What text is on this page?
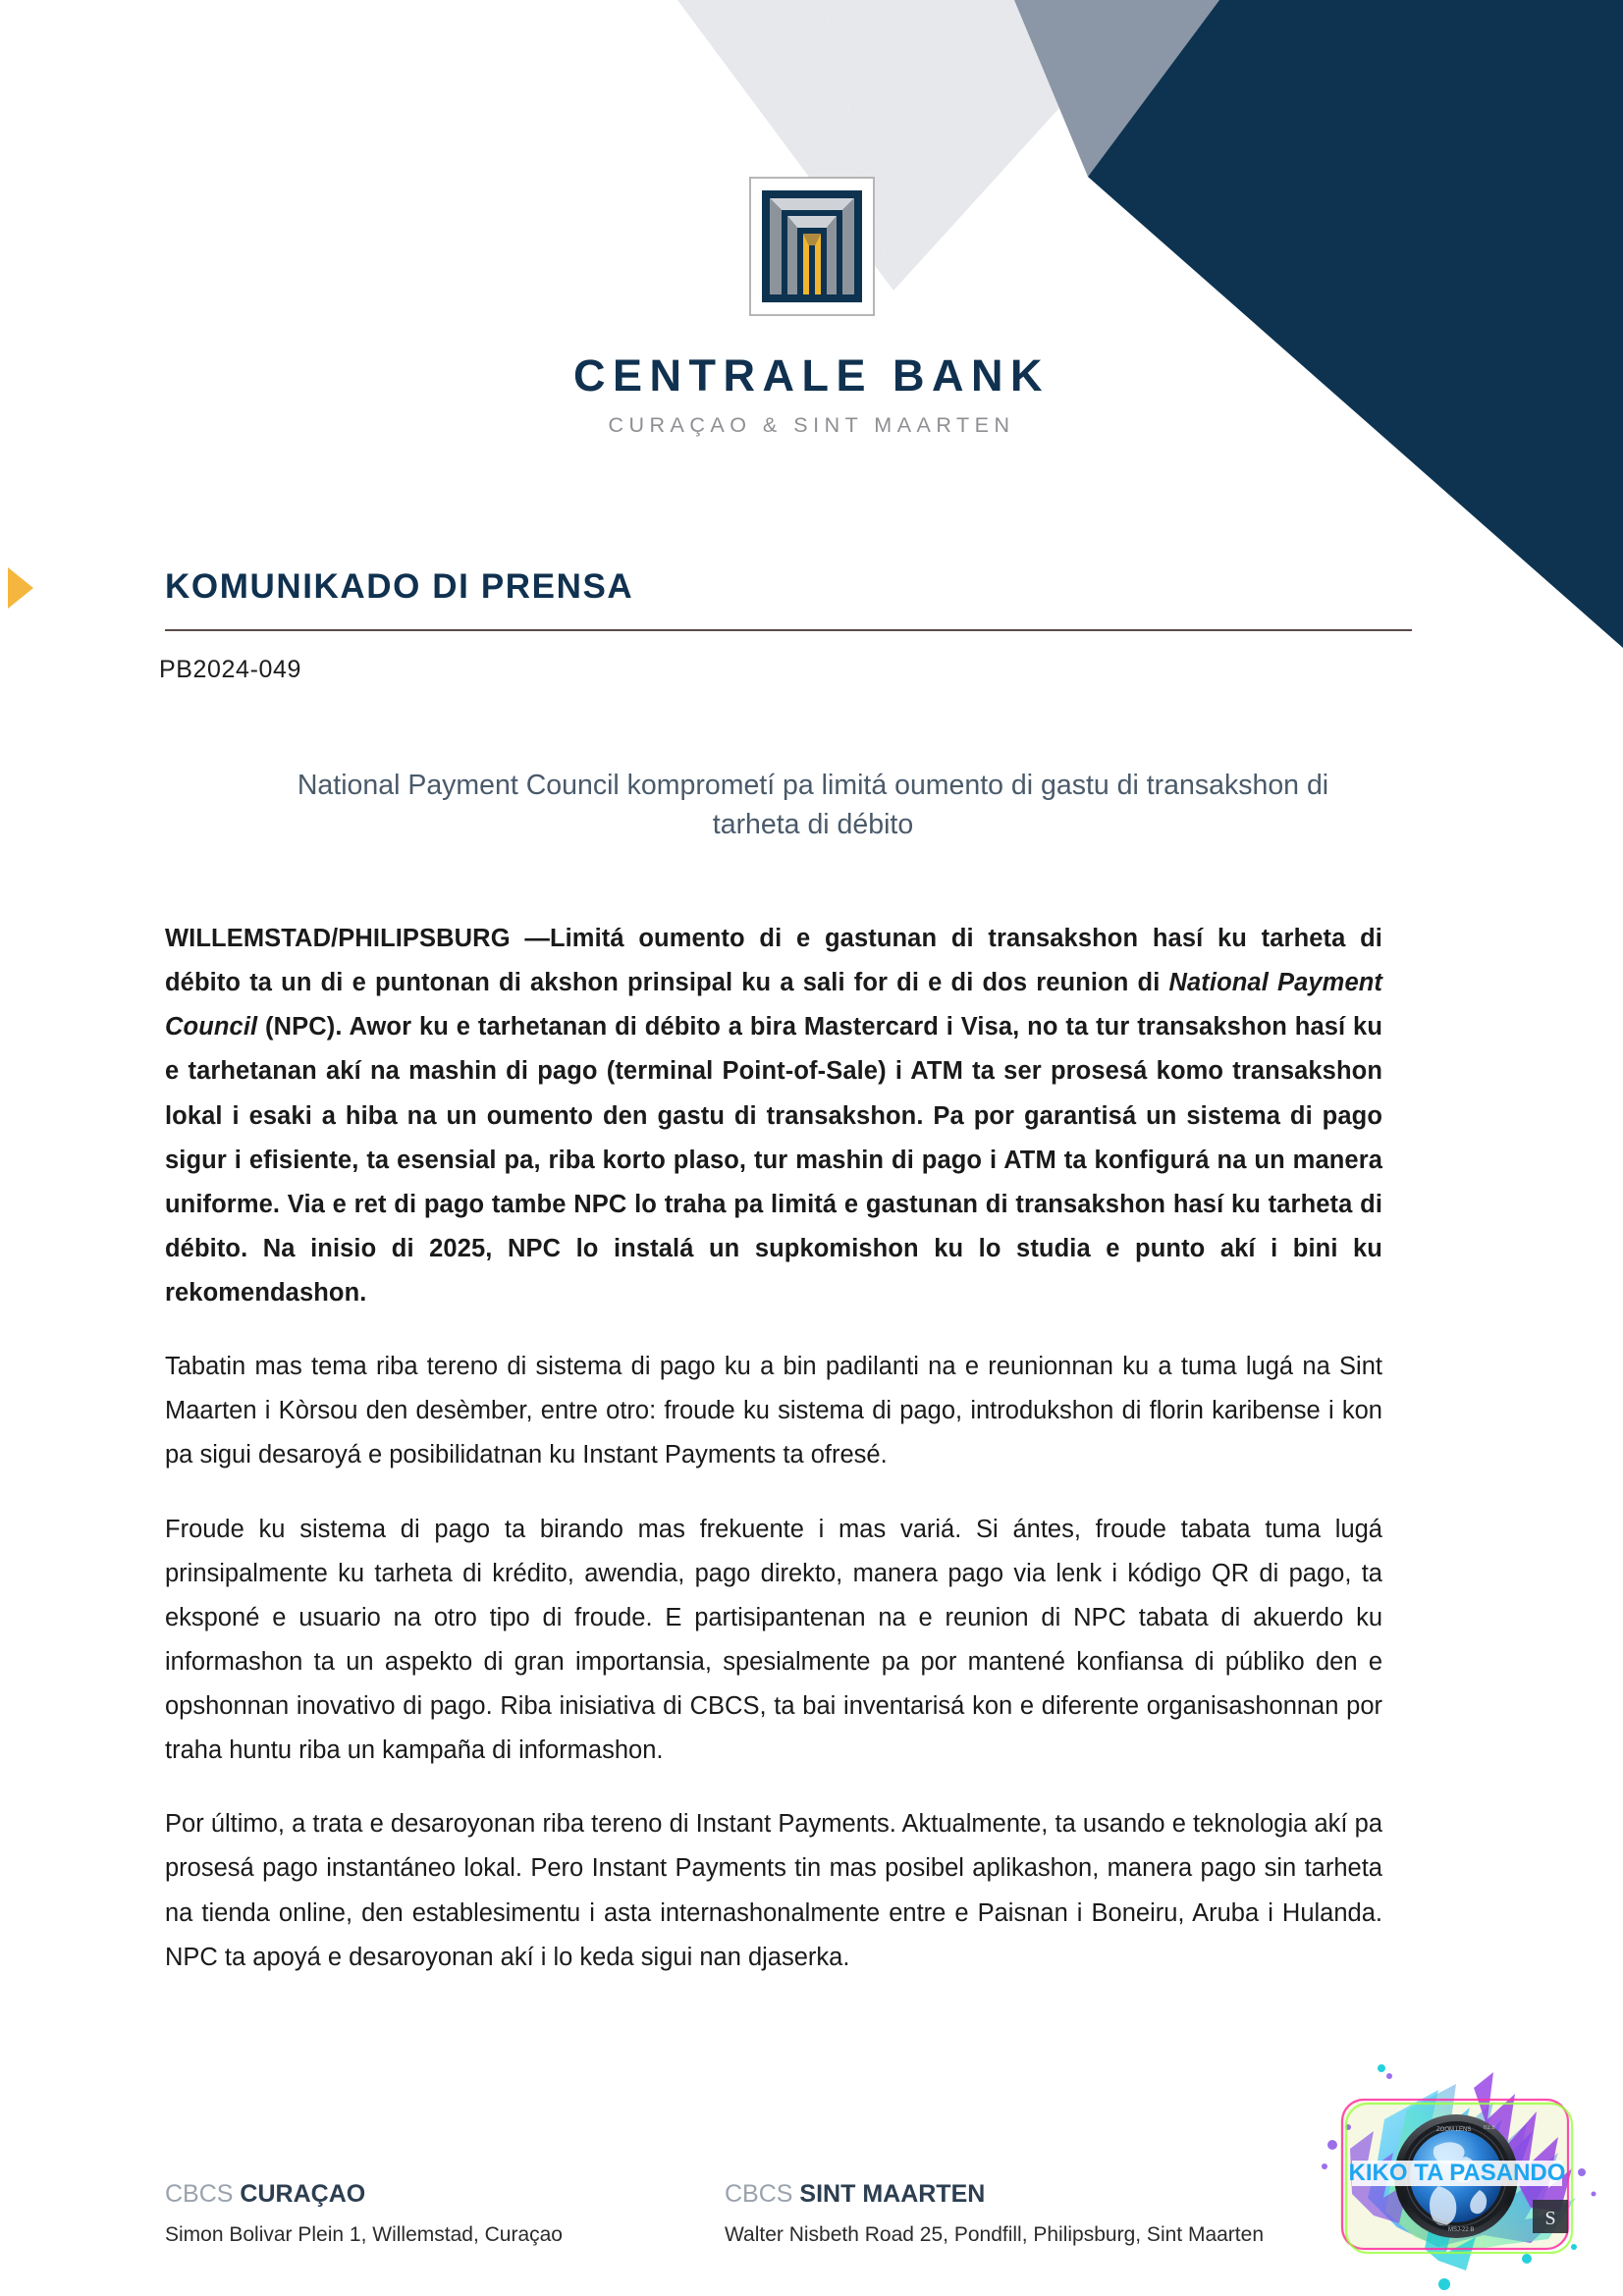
CENTRALE BANK
CURAÇAO & SINT MAARTEN
KOMUNIKADO DI PRENSA
PB2024-049
National Payment Council komprometí pa limitá oumento di gastu di transakshon di tarheta di débito
WILLEMSTAD/PHILIPSBURG —Limitá oumento di e gastunan di transakshon hasí ku tarheta di débito ta un di e puntonan di akshon prinsipal ku a sali for di e di dos reunion di National Payment Council (NPC). Awor ku e tarhetanan di débito a bira Mastercard i Visa, no ta tur transakshon hasí ku e tarhetanan akí na mashin di pago (terminal Point-of-Sale) i ATM ta ser prosesá komo transakshon lokal i esaki a hiba na un oumento den gastu di transakshon. Pa por garantisá un sistema di pago sigur i efisiente, ta esensial pa, riba korto plaso, tur mashin di pago i ATM ta konfigurá na un manera uniforme. Via e ret di pago tambe NPC lo traha pa limitá e gastunan di transakshon hasí ku tarheta di débito. Na inisio di 2025, NPC lo instalá un supkomishon ku lo studia e punto akí i bini ku rekomendashon.
Tabatin mas tema riba tereno di sistema di pago ku a bin padilanti na e reunionnan ku a tuma lugá na Sint Maarten i Kòrsou den desèmber, entre otro: froude ku sistema di pago, introdukshon di florin karibense i kon pa sigui desaroyá e posibilidatnan ku Instant Payments ta ofresé.
Froude ku sistema di pago ta birando mas frekuente i mas variá. Si ántes, froude tabata tuma lugá prinsipalmente ku tarheta di krédito, awendia, pago direkto, manera pago via lenk i kódigo QR di pago, ta eksponé e usuario na otro tipo di froude. E partisipantenan na e reunion di NPC tabata di akuerdo ku informashon ta un aspekto di gran importansia, spesialmente pa por mantené konfiansa di públiko den e opshonnan inovativo di pago. Riba inisiativa di CBCS, ta bai inventarisá kon e diferente organisashonnan por traha huntu riba un kampaña di informashon.
Por último, a trata e desaroyonan riba tereno di Instant Payments. Aktualmente, ta usando e teknologia akí pa prosesá pago instantáneo lokal. Pero Instant Payments tin mas posibel aplikashon, manera pago sin tarheta na tienda online, den establesimentu i asta internashonalmente entre e Paisnan i Boneiru, Aruba i Hulanda. NPC ta apoyá e desaroyonan akí i lo keda sigui nan djaserka.
CBCS CURAÇAO
Simon Bolivar Plein 1, Willemstad, Curaçao
CBCS SINT MAARTEN
Walter Nisbeth Road 25, Pondfill, Philipsburg, Sint Maarten
ZOOM LENS f/2.8
MSJ-22 B
KIKO TA PASANDO
S
